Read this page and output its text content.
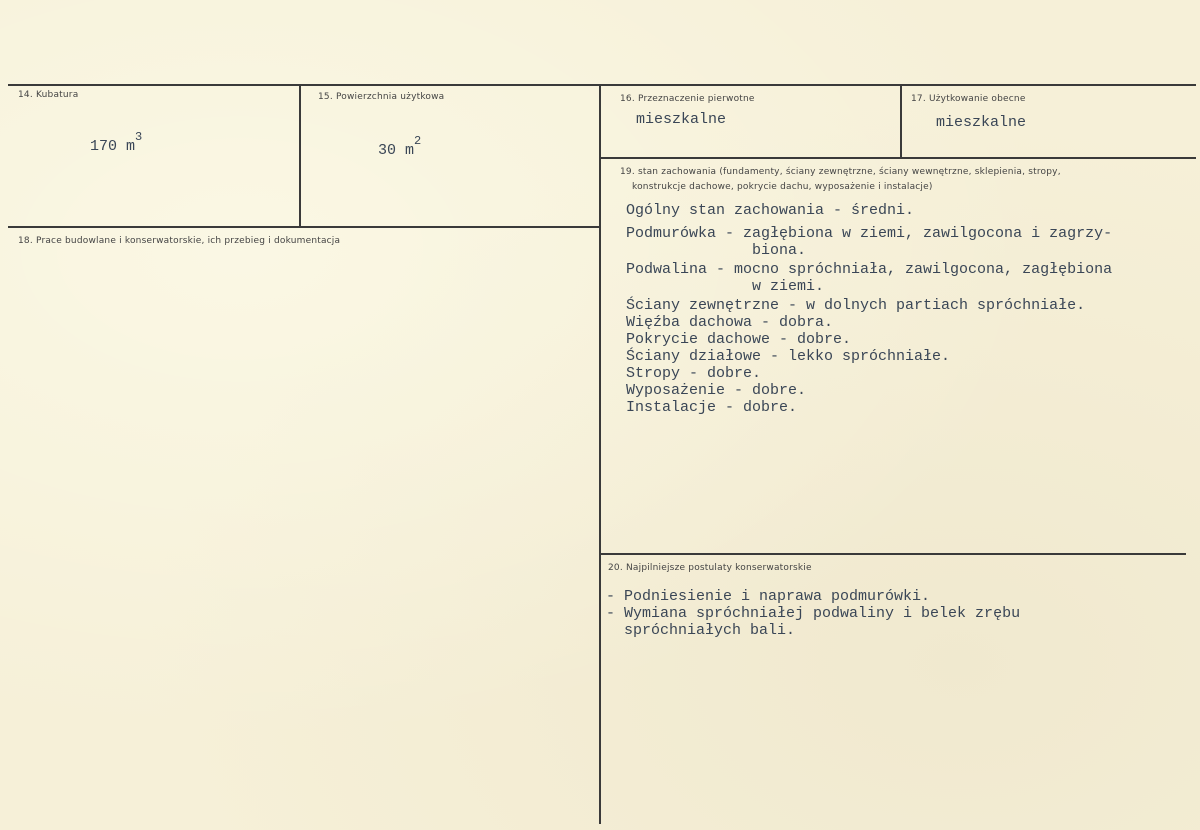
14. Kubatura
170 $m^3$
15. Powierzchnia użytkowa
30 $m^2$
16. Przeznaczenie pierwotne
mieszkalne
17. Użytkowanie obecne
mieszkalne
18. Prace budowlane i konserwatorskie, ich przebieg i dokumentacja
19. stan zachowania (fundamenty, ściany zewnętrzne, ściany wewnętrzne, sklepienia, stropy,
konstrukcje dachowe, pokrycie dachu, wyposażenie i instalacje)
Ogólny stan zachowania - średni.
Podmurówka - zagłębiona w ziemi, zawilgocona i zagrzy-
biona.
Podwalina - mocno spróchniała, zawilgocona, zagłębiona
w ziemi.
Ściany zewnętrzne - w dolnych partiach spróchniałe.
Więźba dachowa - dobra.
Pokrycie dachowe - dobre.
Ściany działowe - lekko spróchniałe.
Stropy - dobre.
Wyposażenie - dobre.
Instalacje - dobre.
20. Najpilniejsze postulaty konserwatorskie
- Podniesienie i naprawa podmurówki.
- Wymiana spróchniałej podwaliny i belek zrębu
spróchniałych bali.
